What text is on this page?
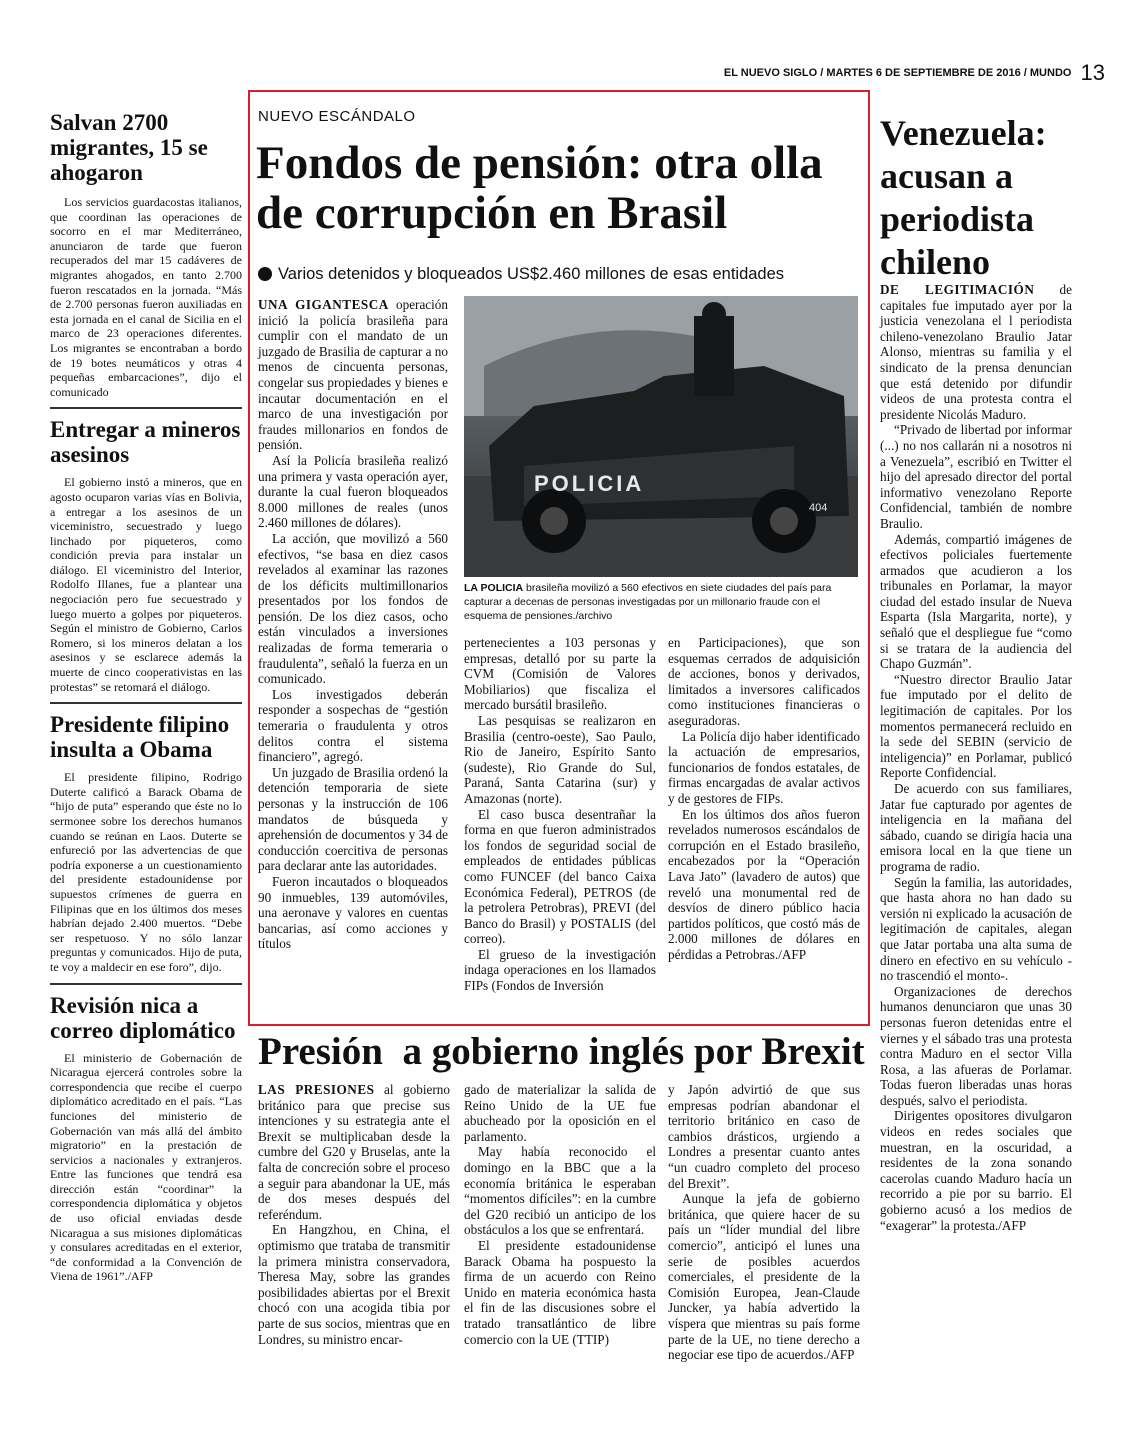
EL NUEVO SIGLO / MARTES 6 DE SEPTIEMBRE DE 2016 / MUNDO 13
Salvan 2700 migrantes, 15 se ahogaron

Los servicios guardacostas italianos, que coordinan las operaciones de socorro en el mar Mediterráneo, anunciaron de tarde que fueron recuperados del mar 15 cadáveres de migrantes ahogados, en tanto 2.700 fueron rescatados en la jornada. “Más de 2.700 personas fueron auxiliadas en esta jornada en el canal de Sicilia en el marco de 23 operaciones diferentes. Los migrantes se encontraban a bordo de 19 botes neumáticos y otras 4 pequeñas embarcaciones”, dijo el comunicado

Entregar a mineros asesinos

El gobierno instó a mineros, que en agosto ocuparon varias vías en Bolivia, a entregar a los asesinos de un viceministro, secuestrado y luego linchado por piqueteros, como condición previa para instalar un diálogo. El viceministro del Interior, Rodolfo Illanes, fue a plantear una negociación pero fue secuestrado y luego muerto a golpes por piqueteros. Según el ministro de Gobierno, Carlos Romero, si los mineros delatan a los asesinos y se esclarece además la muerte de cinco cooperativistas en las protestas” se retomará el diálogo.

Presidente filipino insulta a Obama

El presidente filipino, Rodrigo Duterte calificó a Barack Obama de “hijo de puta” esperando que éste no lo sermonee sobre los derechos humanos cuando se reúnan en Laos. Duterte se enfureció por las advertencias de que podría exponerse a un cuestionamiento del presidente estadounidense por supuestos crímenes de guerra en Filipinas que en los últimos dos meses habrían dejado 2.400 muertos. “Debe ser respetuoso. Y no sólo lanzar preguntas y comunicados. Hijo de puta, te voy a maldecir en ese foro”, dijo.

Revisión nica a correo diplomático

El ministerio de Gobernación de Nicaragua ejercerá controles sobre la correspondencia que recibe el cuerpo diplomático acreditado en el país. “Las funciones del ministerio de Gobernación van más allá del ámbito migratorio” en la prestación de servicios a nacionales y extranjeros. Entre las funciones que tendrá esa dirección están “coordinar” la correspondencia diplomática y objetos de uso oficial enviadas desde Nicaragua a sus misiones diplomáticas y consulares acreditadas en el exterior, “de conformidad a la Convención de Viena de 1961”./AFP

NUEVO ESCÁNDALO
Fondos de pensión: otra olla de corrupción en Brasil
Varios detenidos y bloqueados US$2.460 millones de esas entidades

UNA GIGANTESCA operación inició la policía brasileña para cumplir con el mandato de un juzgado de Brasilia de capturar a no menos de cincuenta personas, congelar sus propiedades y bienes e incautar documentación en el marco de una investigación por fraudes millonarios en fondos de pensión.

Así la Policía brasileña realizó una primera y vasta operación ayer, durante la cual fueron bloqueados 8.000 millones de reales (unos 2.460 millones de dólares).

La acción, que movilizó a 560 efectivos, “se basa en diez casos revelados al examinar las razones de los déficits multimillonarios presentados por los fondos de pensión. De los diez casos, ocho están vinculados a inversiones realizadas de forma temeraria o fraudulenta”, señaló la fuerza en un comunicado.

Los investigados deberán responder a sospechas de “gestión temeraria o fraudulenta y otros delitos contra el sistema financiero”, agregó.

Un juzgado de Brasilia ordenó la detención temporaria de siete personas y la instrucción de 106 mandatos de búsqueda y aprehensión de documentos y 34 de conducción coercitiva de personas para declarar ante las autoridades.

Fueron incautados o bloqueados 90 inmuebles, 139 automóviles, una aeronave y valores en cuentas bancarias, así como acciones y títulos

POLICIA
404
LA POLICIA brasileña movilizó a 560 efectivos en siete ciudades del país para capturar a decenas de personas investigadas por un millonario fraude con el esquema de pensiones./archivo

pertenecientes a 103 personas y empresas, detalló por su parte la CVM (Comisión de Valores Mobiliarios) que fiscaliza el mercado bursátil brasileño.

Las pesquisas se realizaron en Brasilia (centro-oeste), Sao Paulo, Rio de Janeiro, Espírito Santo (sudeste), Rio Grande do Sul, Paraná, Santa Catarina (sur) y Amazonas (norte).

El caso busca desentrañar la forma en que fueron administrados los fondos de seguridad social de empleados de entidades públicas como FUNCEF (del banco Caixa Económica Federal), PETROS (de la petrolera Petrobras), PREVI (del Banco do Brasil) y POSTALIS (del correo).

El grueso de la investigación indaga operaciones en los llamados FIPs (Fondos de Inversión

en Participaciones), que son esquemas cerrados de adquisición de acciones, bonos y derivados, limitados a inversores calificados como instituciones financieras o aseguradoras.

La Policía dijo haber identificado la actuación de empresarios, funcionarios de fondos estatales, de firmas encargadas de avalar activos y de gestores de FIPs.

En los últimos dos años fueron revelados numerosos escándalos de corrupción en el Estado brasileño, encabezados por la “Operación Lava Jato” (lavadero de autos) que reveló una monumental red de desvíos de dinero público hacia partidos políticos, que costó más de 2.000 millones de dólares en pérdidas a Petrobras./AFP

Presión  a gobierno inglés por Brexit

LAS PRESIONES al gobierno británico para que precise sus intenciones y su estrategia ante el Brexit se multiplicaban desde la cumbre del G20 y Bruselas, ante la falta de concreción sobre el proceso a seguir para abandonar la UE, más de dos meses después del referéndum.

En Hangzhou, en China, el optimismo que trataba de transmitir la primera ministra conservadora, Theresa May, sobre las grandes posibilidades abiertas por el Brexit chocó con una acogida tibia por parte de sus socios, mientras que en Londres, su ministro encar-

gado de materializar la salida de Reino Unido de la UE fue abucheado por la oposición en el parlamento.

May había reconocido el domingo en la BBC que a la economía británica le esperaban “momentos difíciles”: en la cumbre del G20 recibió un anticipo de los obstáculos a los que se enfrentará.

El presidente estadounidense Barack Obama ha pospuesto la firma de un acuerdo con Reino Unido en materia económica hasta el fin de las discusiones sobre el tratado transatlántico de libre comercio con la UE (TTIP)

y Japón advirtió de que sus empresas podrían abandonar el territorio británico en caso de cambios drásticos, urgiendo a Londres a presentar cuanto antes “un cuadro completo del proceso del Brexit”.

Aunque la jefa de gobierno británica, que quiere hacer de su país un “líder mundial del libre comercio”, anticipó el lunes una serie de posibles acuerdos comerciales, el presidente de la Comisión Europea, Jean-Claude Juncker, ya había advertido la víspera que mientras su país forme parte de la UE, no tiene derecho a negociar ese tipo de acuerdos./AFP

Venezuela: acusan a periodista chileno

DE LEGITIMACIÓN de capitales fue imputado ayer por la justicia venezolana el l periodista chileno-venezolano Braulio Jatar Alonso, mientras su familia y el sindicato de la prensa denuncian que está detenido por difundir videos de una protesta contra el presidente Nicolás Maduro.

“Privado de libertad por informar (...) no nos callarán ni a nosotros ni a Venezuela”, escribió en Twitter el hijo del apresado director del portal informativo venezolano Reporte Confidencial, también de nombre Braulio.

Además, compartió imágenes de efectivos policiales fuertemente armados que acudieron a los tribunales en Porlamar, la mayor ciudad del estado insular de Nueva Esparta (Isla Margarita, norte), y señaló que el despliegue fue “como si se tratara de la audiencia del Chapo Guzmán”.

“Nuestro director Braulio Jatar fue imputado por el delito de legitimación de capitales. Por los momentos permanecerá recluido en la sede del SEBIN (servicio de inteligencia)” en Porlamar, publicó Reporte Confidencial.

De acuerdo con sus familiares, Jatar fue capturado por agentes de inteligencia en la mañana del sábado, cuando se dirigía hacia una emisora local en la que tiene un programa de radio.

Según la familia, las autoridades, que hasta ahora no han dado su versión ni explicado la acusación de legitimación de capitales, alegan que Jatar portaba una alta suma de dinero en efectivo en su vehículo -no trascendió el monto-.

Organizaciones de derechos humanos denunciaron que unas 30 personas fueron detenidas entre el viernes y el sábado tras una protesta contra Maduro en el sector Villa Rosa, a las afueras de Porlamar. Todas fueron liberadas unas horas después, salvo el periodista.

Dirigentes opositores divulgaron videos en redes sociales que muestran, en la oscuridad, a residentes de la zona sonando cacerolas cuando Maduro hacía un recorrido a pie por su barrio. El gobierno acusó a los medios de “exagerar” la protesta./AFP
